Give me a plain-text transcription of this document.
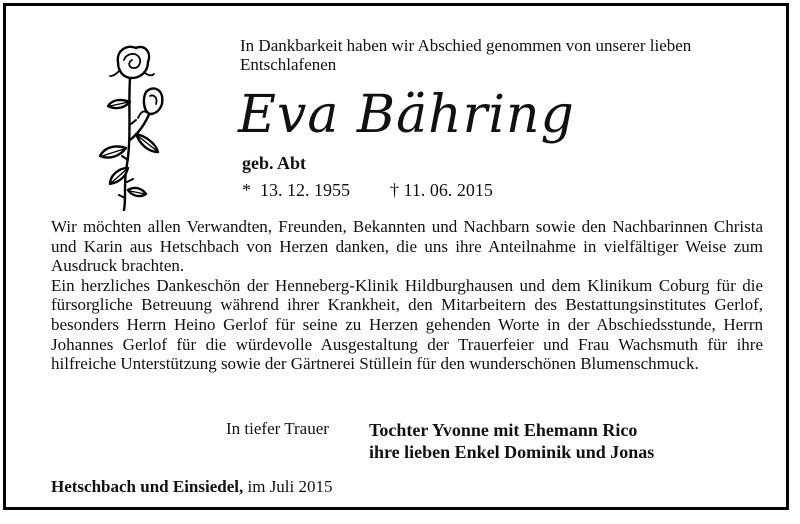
In Dankbarkeit haben wir Abschied genommen von unserer lieben Entschlafenen
Eva Bähring
geb. Abt
* 13. 12. 1955 † 11. 06. 2015

Wir möchten allen Verwandten, Freunden, Bekannten und Nachbarn sowie den Nachbarinnen Christa und Karin aus Hetschbach von Herzen danken, die uns ihre Anteilnahme in vielfältiger Weise zum Ausdruck brachten.

Ein herzliches Dankeschön der Henneberg-Klinik Hildburghausen und dem Klinikum Coburg für die fürsorgliche Betreuung während ihrer Krankheit, den Mitarbeitern des Bestattungsinstitutes Gerlof, besonders Herrn Heino Gerlof für seine zu Herzen gehenden Worte in der Abschiedsstunde, Herrn Johannes Gerlof für die würdevolle Ausgestaltung der Trauerfeier und Frau Wachsmuth für ihre hilfreiche Unterstützung sowie der Gärtnerei Stüllein für den wunderschönen Blumenschmuck.

In tiefer Trauer Tochter Yvonne mit Ehemann Rico
ihre lieben Enkel Dominik und Jonas
Hetschbach und Einsiedel, im Juli 2015
